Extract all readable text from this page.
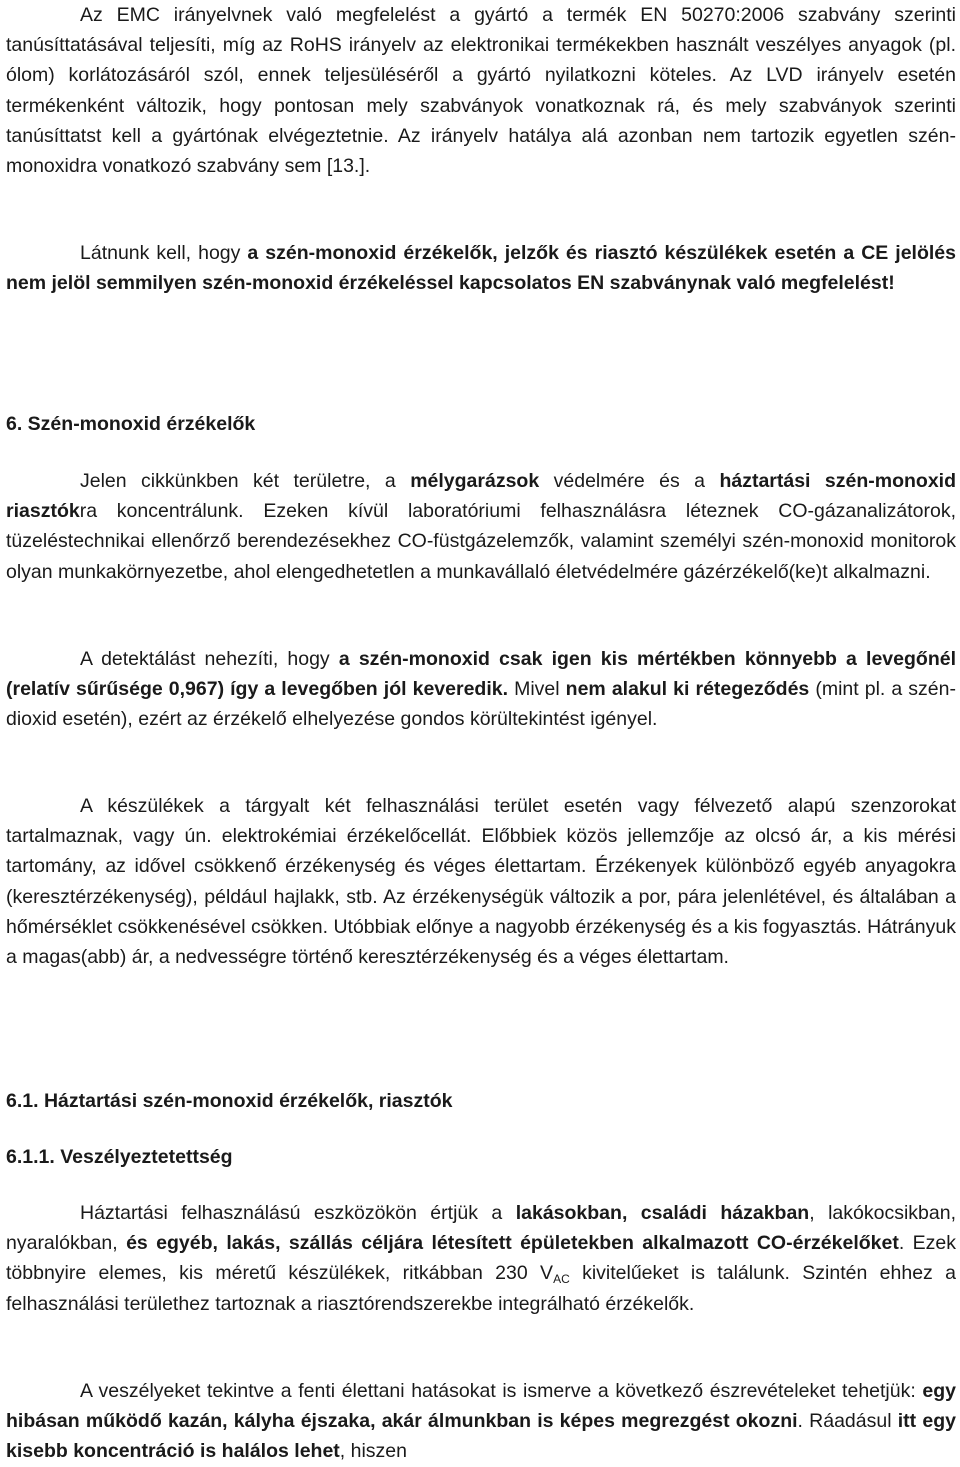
Az EMC irányelvnek való megfelelést a gyártó a termék EN 50270:2006 szabvány szerinti tanúsíttatásával teljesíti, míg az RoHS irányelv az elektronikai termékekben használt veszélyes anyagok (pl. ólom) korlátozásáról szól, ennek teljesüléséről a gyártó nyilatkozni köteles. Az LVD irányelv esetén termékenként változik, hogy pontosan mely szabványok vonatkoznak rá, és mely szabványok szerinti tanúsíttatst kell a gyártónak elvégeztetnie. Az irányelv hatálya alá azonban nem tartozik egyetlen szén-monoxidra vonatkozó szabvány sem [13.].

Látnunk kell, hogy a szén-monoxid érzékelők, jelzők és riasztó készülékek esetén a CE jelölés nem jelöl semmilyen szén-monoxid érzékeléssel kapcsolatos EN szabványnak való megfelelést!

6. Szén-monoxid érzékelők

Jelen cikkünkben két területre, a mélygarázsok védelmére és a háztartási szén-monoxid riasztókra koncentrálunk. Ezeken kívül laboratóriumi felhasználásra léteznek CO-gázanalizátorok, tüzeléstechnikai ellenőrző berendezésekhez CO-füstgázelemzők, valamint személyi szén-monoxid monitorok olyan munkakörnyezetbe, ahol elengedhetetlen a munkavállaló életvédelmére gázérzékelő(ke)t alkalmazni.

A detektálást nehezíti, hogy a szén-monoxid csak igen kis mértékben könnyebb a levegőnél (relatív sűrűsége 0,967) így a levegőben jól keveredik. Mivel nem alakul ki rétegeződés (mint pl. a szén-dioxid esetén), ezért az érzékelő elhelyezése gondos körültekintést igényel.

A készülékek a tárgyalt két felhasználási terület esetén vagy félvezető alapú szenzorokat tartalmaznak, vagy ún. elektrokémiai érzékelőcellát. Előbbiek közös jellemzője az olcsó ár, a kis mérési tartomány, az idővel csökkenő érzékenység és véges élettartam. Érzékenyek különböző egyéb anyagokra (keresztérzékenység), például hajlakk, stb. Az érzékenységük változik a por, pára jelenlétével, és általában a hőmérséklet csökkenésével csökken. Utóbbiak előnye a nagyobb érzékenység és a kis fogyasztás. Hátrányuk a magas(abb) ár, a nedvességre történő keresztérzékenység és a véges élettartam.

6.1. Háztartási szén-monoxid érzékelők, riasztók
6.1.1. Veszélyeztetettség

Háztartási felhasználású eszközökön értjük a lakásokban, családi házakban, lakókocsikban, nyaralókban, és egyéb, lakás, szállás céljára létesített épületekben alkalmazott CO-érzékelőket. Ezek többnyire elemes, kis méretű készülékek, ritkábban 230 $V_{AC}$ kivitelűeket is találunk. Szintén ehhez a felhasználási területhez tartoznak a riasztórendszerekbe integrálható érzékelők.

A veszélyeket tekintve a fenti élettani hatásokat is ismerve a következő észrevételeket tehetjük: egy hibásan működő kazán, kályha éjszaka, akár álmunkban is képes megrezgést okozni. Ráadásul itt egy kisebb koncentráció is halálos lehet, hiszen
